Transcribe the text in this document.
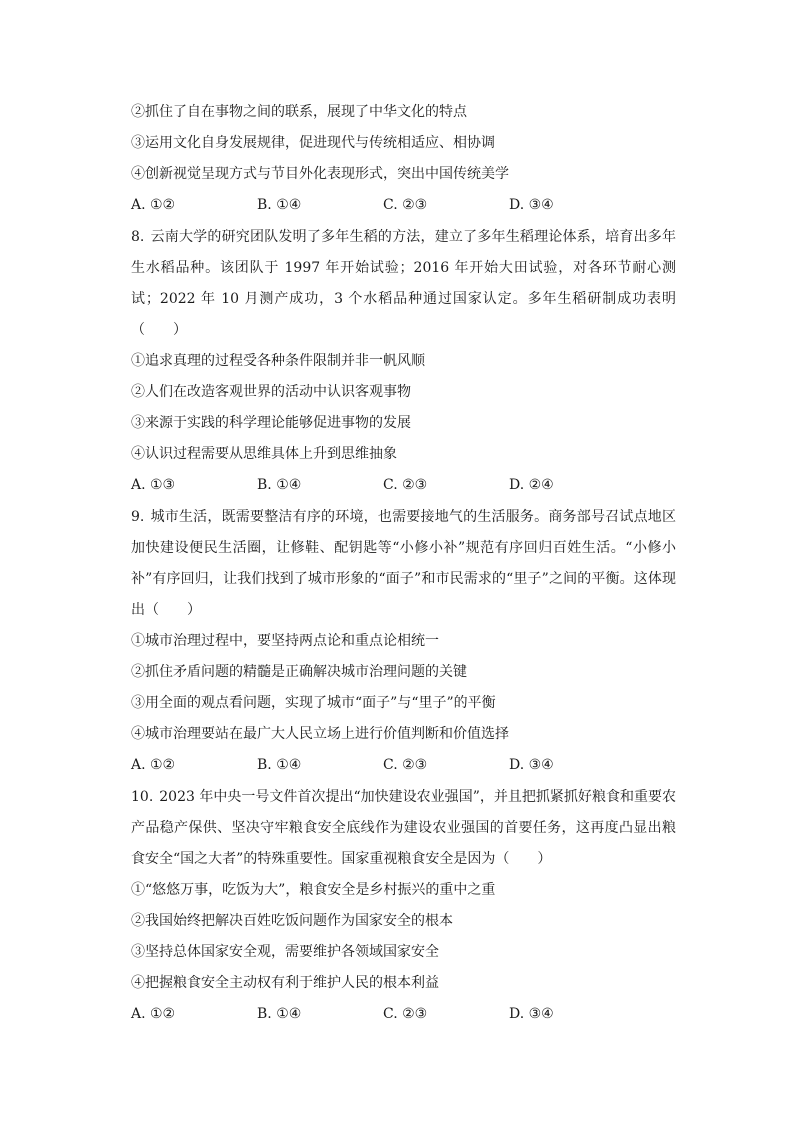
②抓住了自在事物之间的联系，展现了中华文化的特点
③运用文化自身发展规律，促进现代与传统相适应、相协调
④创新视觉呈现方式与节目外化表现形式，突出中国传统美学
A. ①②	B. ①④	C. ②③	D. ③④
8. 云南大学的研究团队发明了多年生稻的方法，建立了多年生稻理论体系，培育出多年生水稻品种。该团队于 1997 年开始试验；2016 年开始大田试验，对各环节耐心测试；2022 年 10 月测产成功，3 个水稻品种通过国家认定。多年生稻研制成功表明（　　）
①追求真理的过程受各种条件限制并非一帆风顺
②人们在改造客观世界的活动中认识客观事物
③来源于实践的科学理论能够促进事物的发展
④认识过程需要从思维具体上升到思维抽象
A. ①③	B. ①④	C. ②③	D. ②④
9. 城市生活，既需要整洁有序的环境，也需要接地气的生活服务。商务部号召试点地区加快建设便民生活圈，让修鞋、配钥匙等“小修小补”规范有序回归百姓生活。“小修小补”有序回归，让我们找到了城市形象的“面子”和市民需求的“里子”之间的平衡。这体现出（　　）
①城市治理过程中，要坚持两点论和重点论相统一
②抓住矛盾问题的精髓是正确解决城市治理问题的关键
③用全面的观点看问题，实现了城市“面子”与“里子”的平衡
④城市治理要站在最广大人民立场上进行价值判断和价值选择
A. ①②	B. ①④	C. ②③	D. ③④
10. 2023 年中央一号文件首次提出“加快建设农业强国”，并且把抓紧抓好粮食和重要农产品稳产保供、坚决守牢粮食安全底线作为建设农业强国的首要任务，这再度凸显出粮食安全“国之大者”的特殊重要性。国家重视粮食安全是因为（　　）
①“悠悠万事，吃饭为大”，粮食安全是乡村振兴的重中之重
②我国始终把解决百姓吃饭问题作为国家安全的根本
③坚持总体国家安全观，需要维护各领域国家安全
④把握粮食安全主动权有利于维护人民的根本利益
A. ①②	B. ①④	C. ②③	D. ③④
